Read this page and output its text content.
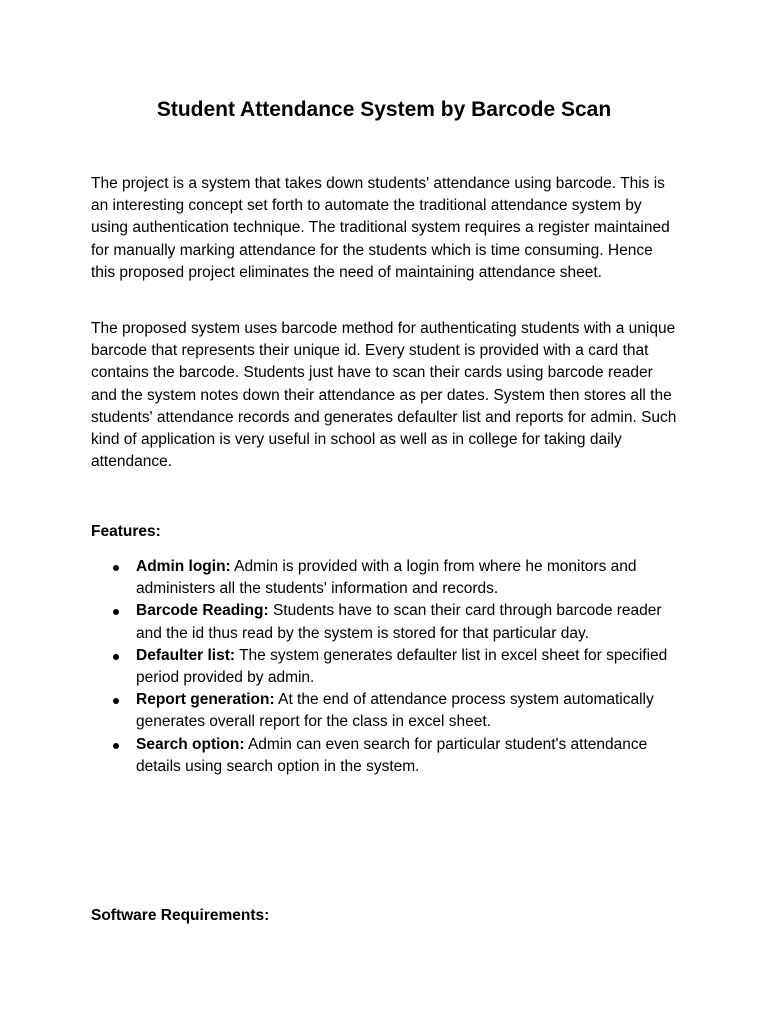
Student Attendance System by Barcode Scan

The project is a system that takes down students' attendance using barcode. This is an interesting concept set forth to automate the traditional attendance system by using authentication technique. The traditional system requires a register maintained for manually marking attendance for the students which is time consuming. Hence this proposed project eliminates the need of maintaining attendance sheet.

The proposed system uses barcode method for authenticating students with a unique barcode that represents their unique id. Every student is provided with a card that contains the barcode. Students just have to scan their cards using barcode reader and the system notes down their attendance as per dates. System then stores all the students' attendance records and generates defaulter list and reports for admin. Such kind of application is very useful in school as well as in college for taking daily attendance.

Features:
Admin login: Admin is provided with a login from where he monitors and administers all the students' information and records.
Barcode Reading: Students have to scan their card through barcode reader and the id thus read by the system is stored for that particular day.
Defaulter list: The system generates defaulter list in excel sheet for specified period provided by admin.
Report generation: At the end of attendance process system automatically generates overall report for the class in excel sheet.
Search option: Admin can even search for particular student's attendance details using search option in the system.
Software Requirements:
